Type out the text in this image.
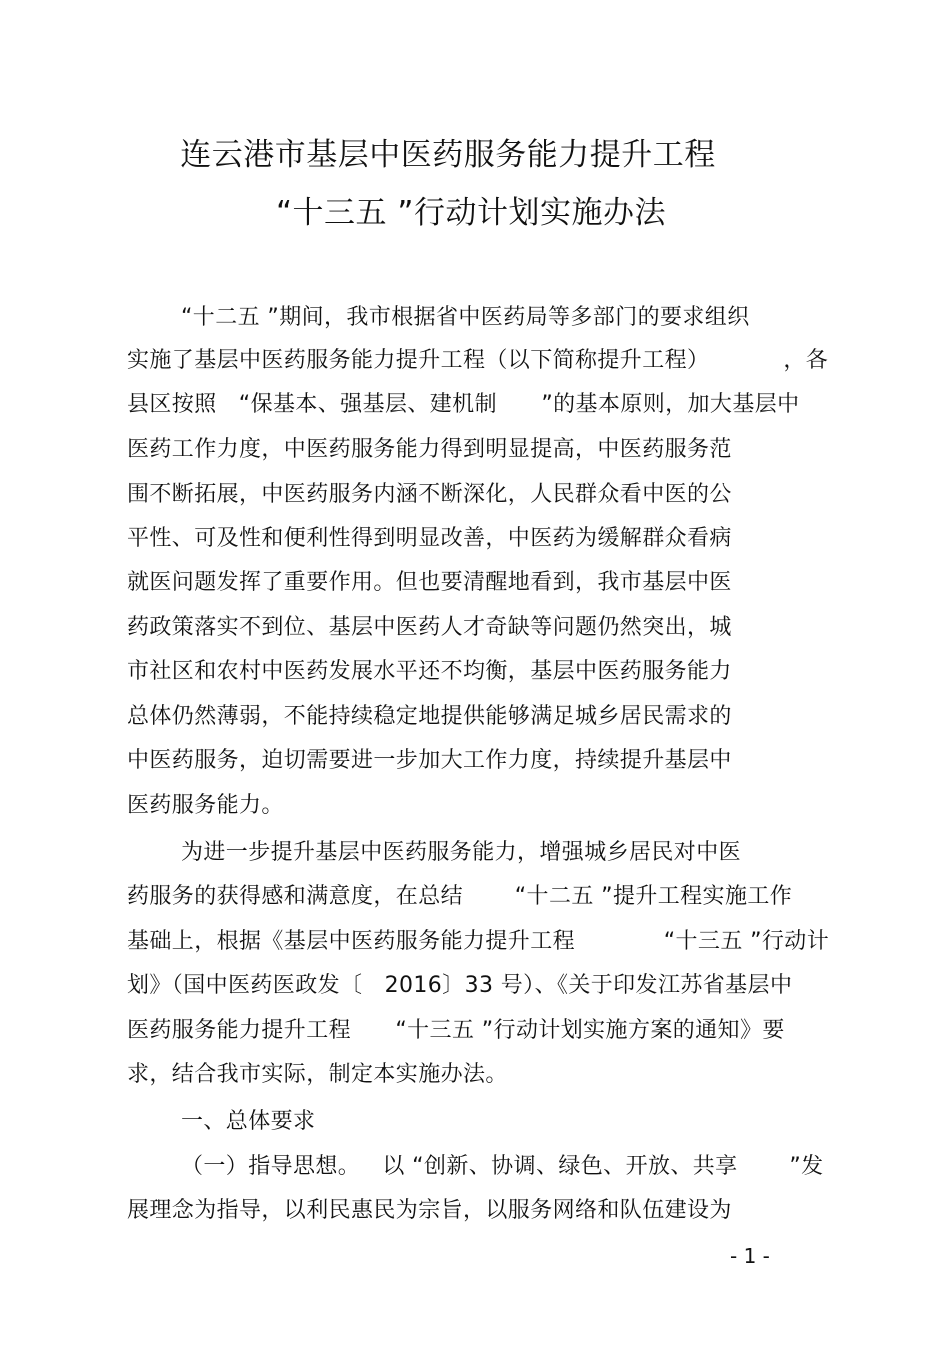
连云港市基层中医药服务能力提升工程
“十三五 ”行动计划实施办法
“十二五 ”期间，我市根据省中医药局等多部门的要求组织
实施了基层中医药服务能力提升工程（以下简称提升工程）          ，各
县区按照   “保基本、强基层、建机制      ”的基本原则，加大基层中
医药工作力度，中医药服务能力得到明显提高，中医药服务范
围不断拓展，中医药服务内涵不断深化，人民群众看中医的公
平性、可及性和便利性得到明显改善，中医药为缓解群众看病
就医问题发挥了重要作用。但也要清醒地看到，我市基层中医
药政策落实不到位、基层中医药人才奇缺等问题仍然突出，城
市社区和农村中医药发展水平还不均衡，基层中医药服务能力
总体仍然薄弱，不能持续稳定地提供能够满足城乡居民需求的
中医药服务，迫切需要进一步加大工作力度，持续提升基层中
医药服务能力。
为进一步提升基层中医药服务能力，增强城乡居民对中医
药服务的获得感和满意度，在总结       “十二五 ”提升工程实施工作
基础上，根据《基层中医药服务能力提升工程            “十三五 ”行动计
划》（国中医药医政发〔   2016〕33 号）、《关于印发江苏省基层中
医药服务能力提升工程      “十三五 ”行动计划实施方案的通知》要
求，结合我市实际，制定本实施办法。
一、总体要求
（一）指导思想。   以 “创新、协调、绿色、开放、共享       ”发
展理念为指导，以利民惠民为宗旨，以服务网络和队伍建设为
- 1 -
